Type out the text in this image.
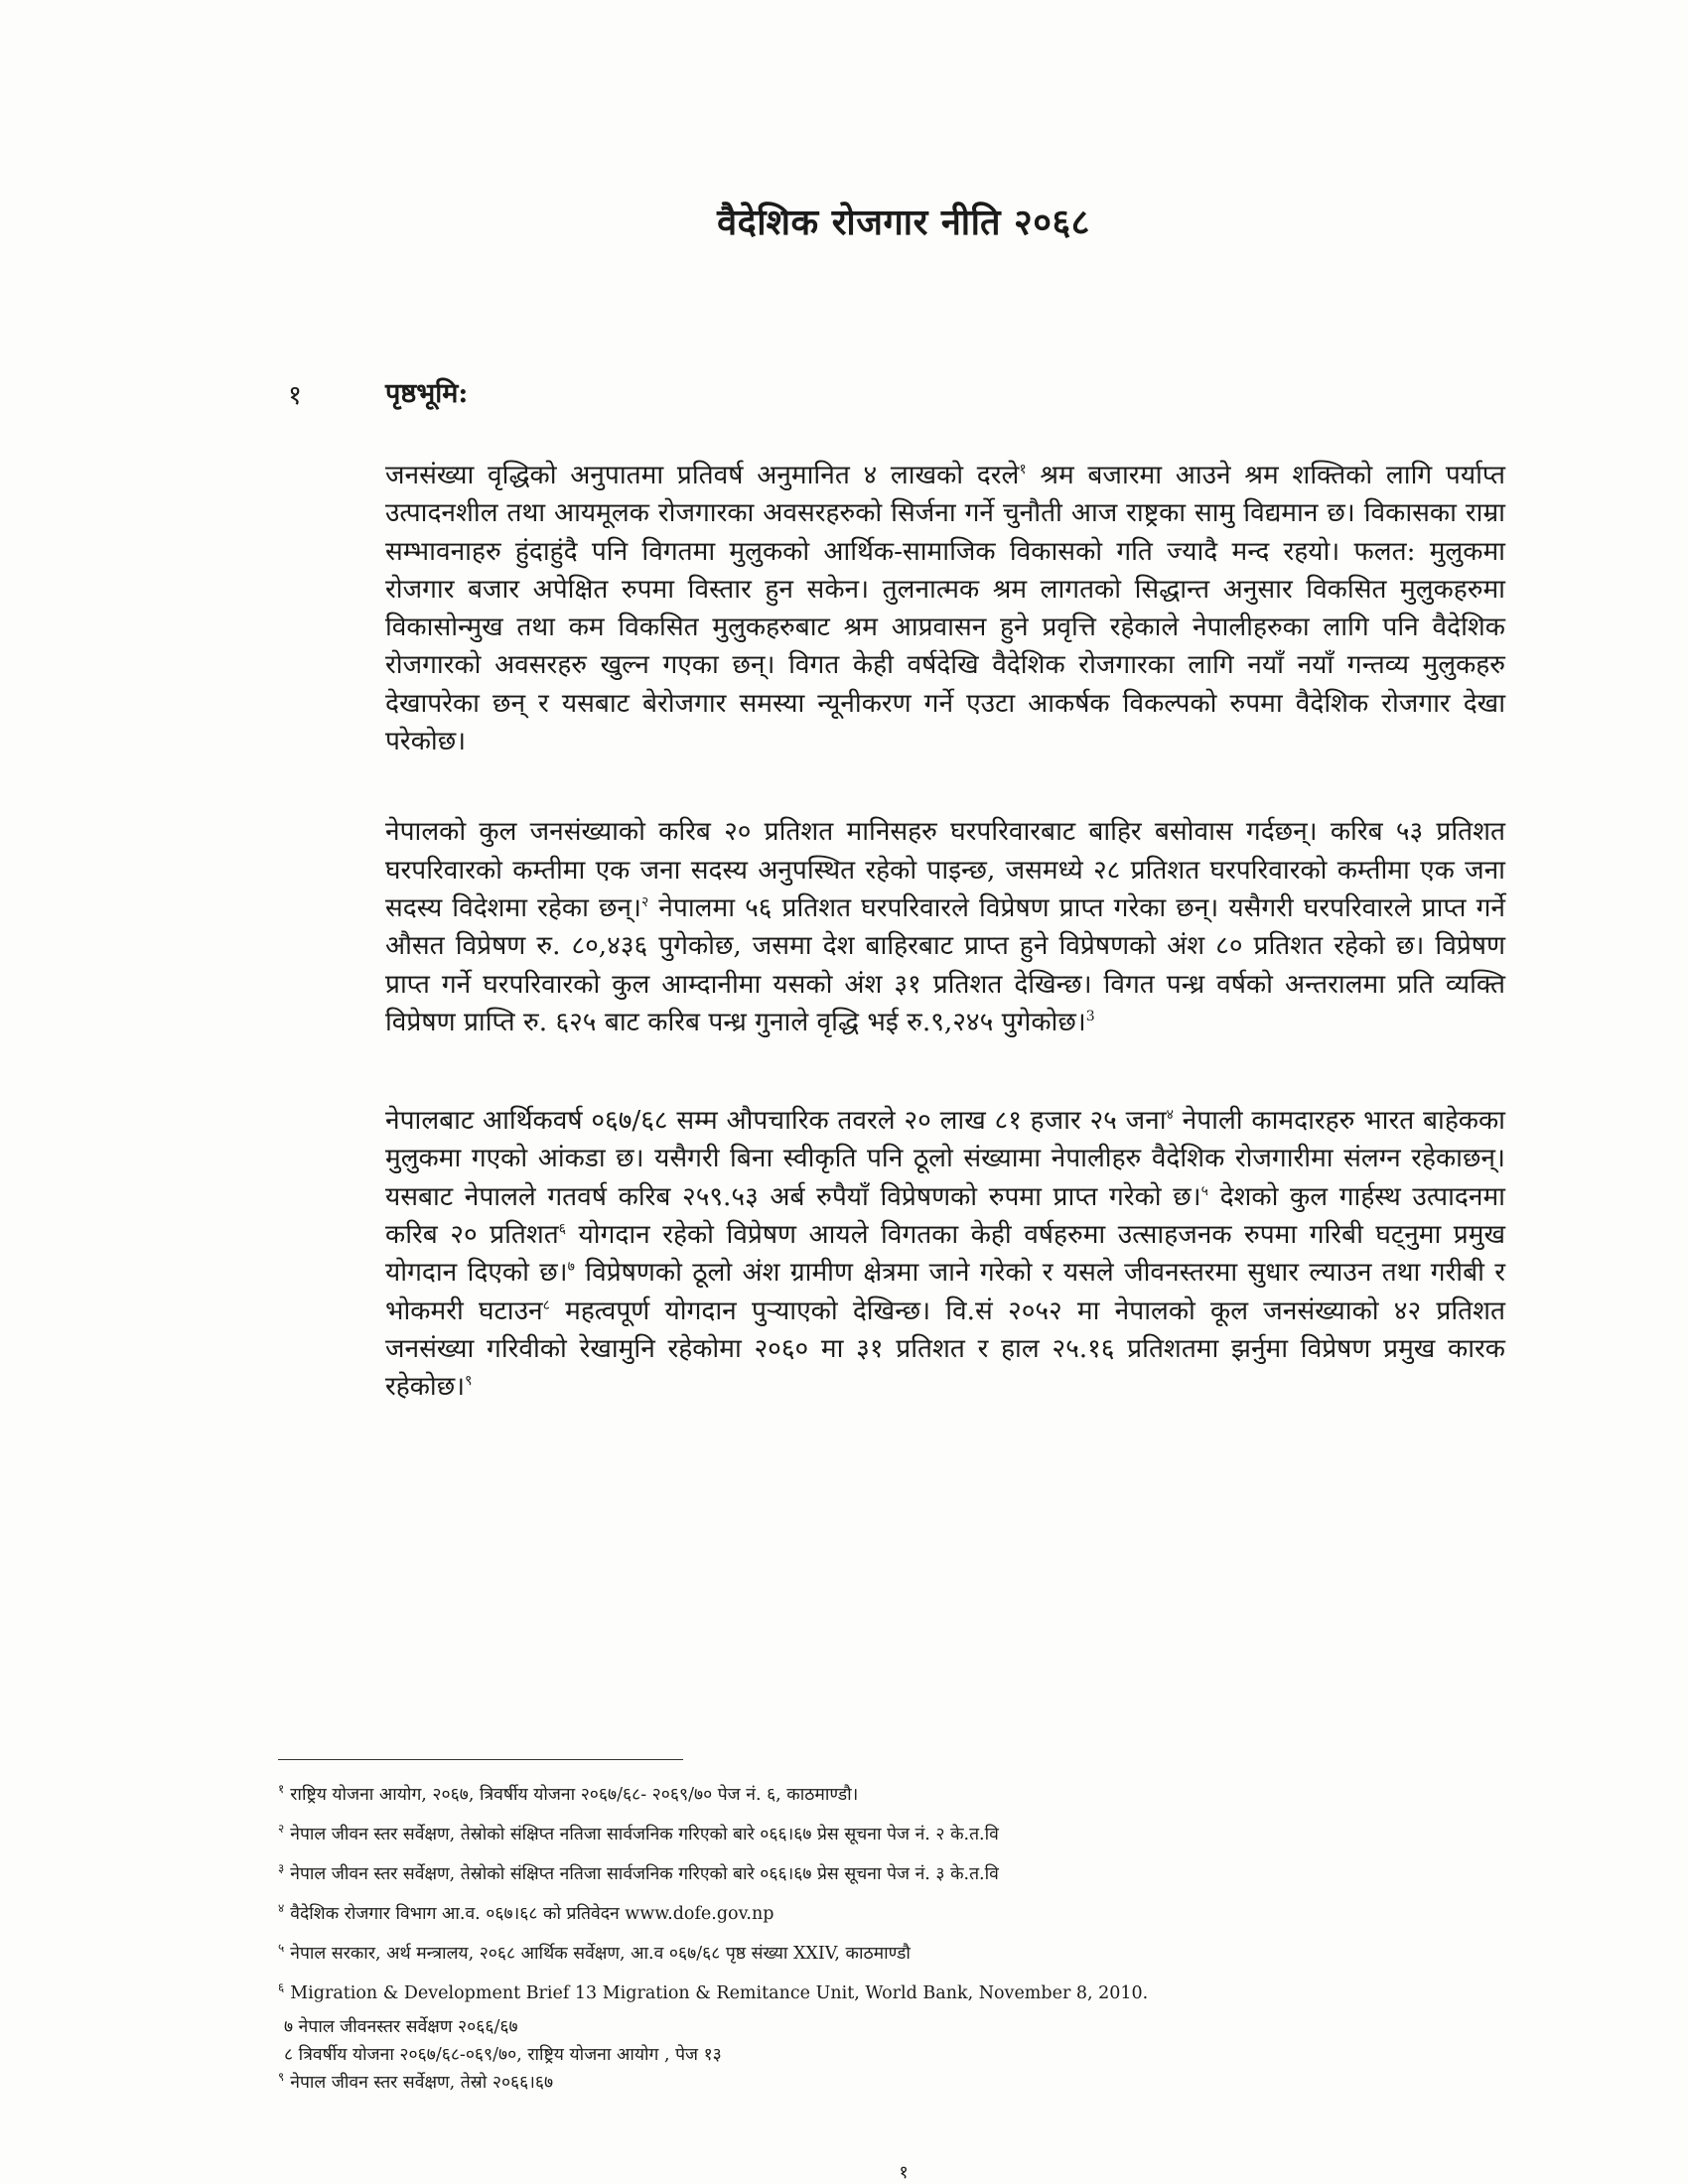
वैदेशिक रोजगार नीति २०६८
१	पृष्ठभूमि:

जनसंख्या वृद्धिको अनुपातमा प्रतिवर्ष अनुमानित ४ लाखको दरले$^१$ श्रम बजारमा आउने श्रम शक्तिको लागि पर्याप्त उत्पादनशील तथा आयमूलक रोजगारका अवसरहरुको सिर्जना गर्ने चुनौती आज राष्ट्रका सामु विद्यमान छ। विकासका राम्रा सम्भावनाहरु हुंदाहुंदै पनि विगतमा मुलुकको आर्थिक-सामाजिक विकासको गति ज्यादै मन्द रहयो। फलत: मुलुकमा रोजगार बजार अपेक्षित रुपमा विस्तार हुन सकेन। तुलनात्मक श्रम लागतको सिद्धान्त अनुसार विकसित मुलुकहरुमा विकासोन्मुख तथा कम विकसित मुलुकहरुबाट श्रम आप्रवासन हुने प्रवृत्ति रहेकाले नेपालीहरुका लागि पनि वैदेशिक रोजगारको अवसरहरु खुल्न गएका छन्। विगत केही वर्षदेखि वैदेशिक रोजगारका लागि नयाँ नयाँ गन्तव्य मुलुकहरु देखापरेका छन् र यसबाट बेरोजगार समस्या न्यूनीकरण गर्ने एउटा आकर्षक विकल्पको रुपमा वैदेशिक रोजगार देखा परेकोछ।

नेपालको कुल जनसंख्याको करिब २० प्रतिशत मानिसहरु घरपरिवारबाट बाहिर बसोवास गर्दछन्। करिब ५३ प्रतिशत घरपरिवारको कम्तीमा एक जना सदस्य अनुपस्थित रहेको पाइन्छ, जसमध्ये २८ प्रतिशत घरपरिवारको कम्तीमा एक जना सदस्य विदेशमा रहेका छन्।$^२$ नेपालमा ५६ प्रतिशत घरपरिवारले विप्रेषण प्राप्त गरेका छन्। यसैगरी घरपरिवारले प्राप्त गर्ने औसत विप्रेषण रु. ८०,४३६ पुगेकोछ, जसमा देश बाहिरबाट प्राप्त हुने विप्रेषणको अंश ८० प्रतिशत रहेको छ। विप्रेषण प्राप्त गर्ने घरपरिवारको कुल आम्दानीमा यसको अंश ३१ प्रतिशत देखिन्छ। विगत पन्ध्र वर्षको अन्तरालमा प्रति व्यक्ति विप्रेषण प्राप्ति रु. ६२५ बाट करिब पन्ध्र गुनाले वृद्धि भई रु.९,२४५ पुगेकोछ।$^3$

नेपालबाट आर्थिकवर्ष ०६७/६८ सम्म औपचारिक तवरले २० लाख ८१ हजार २५ जना$^४$ नेपाली कामदारहरु भारत बाहेकका मुलुकमा गएको आंकडा छ। यसैगरी बिना स्वीकृति पनि ठूलो संख्यामा नेपालीहरु वैदेशिक रोजगारीमा संलग्न रहेकाछन्। यसबाट नेपालले गतवर्ष करिब २५९.५३ अर्ब रुपैयाँ विप्रेषणको रुपमा प्राप्त गरेको छ।$^५$ देशको कुल गार्हस्थ उत्पादनमा करिब २० प्रतिशत$^६$ योगदान रहेको विप्रेषण आयले विगतका केही वर्षहरुमा उत्साहजनक रुपमा गरिबी घट्नुमा प्रमुख योगदान दिएको छ।$^७$ विप्रेषणको ठूलो अंश ग्रामीण क्षेत्रमा जाने गरेको र यसले जीवनस्तरमा सुधार ल्याउन तथा गरीबी र भोकमरी घटाउन$^८$ महत्वपूर्ण योगदान पुऱ्याएको देखिन्छ। वि.सं २०५२ मा नेपालको कूल जनसंख्याको ४२ प्रतिशत जनसंख्या गरिवीको रेखामुनि रहेकोमा २०६० मा ३१ प्रतिशत र हाल २५.१६ प्रतिशतमा झर्नुमा विप्रेषण प्रमुख कारक रहेकोछ।$^९$

$^१$ राष्ट्रिय योजना आयोग, २०६७, त्रिवर्षीय योजना २०६७/६८- २०६९/७० पेज नं. ६, काठमाण्डौ।
$^२$ नेपाल जीवन स्तर सर्वेक्षण, तेस्रोको संक्षिप्त नतिजा सार्वजनिक गरिएको बारे ०६६।६७ प्रेस सूचना पेज नं. २ के.त.वि
$^३$ नेपाल जीवन स्तर सर्वेक्षण, तेस्रोको संक्षिप्त नतिजा सार्वजनिक गरिएको बारे ०६६।६७ प्रेस सूचना पेज नं. ३ के.त.वि
$^४$ वैदेशिक रोजगार विभाग आ.व. ०६७।६८ को प्रतिवेदन www.dofe.gov.np
$^५$ नेपाल सरकार, अर्थ मन्त्रालय, २०६८ आर्थिक सर्वेक्षण, आ.व ०६७/६८ पृष्ठ संख्या XXIV, काठमाण्डौ
$^६$ Migration & Development Brief 13 Migration & Remitance Unit, World Bank, November 8, 2010.
७ नेपाल जीवनस्तर सर्वेक्षण २०६६/६७
८ त्रिवर्षीय योजना २०६७/६८-०६९/७०, राष्ट्रिय योजना आयोग , पेज १३
$^९$ नेपाल जीवन स्तर सर्वेक्षण, तेस्रो २०६६।६७
१
